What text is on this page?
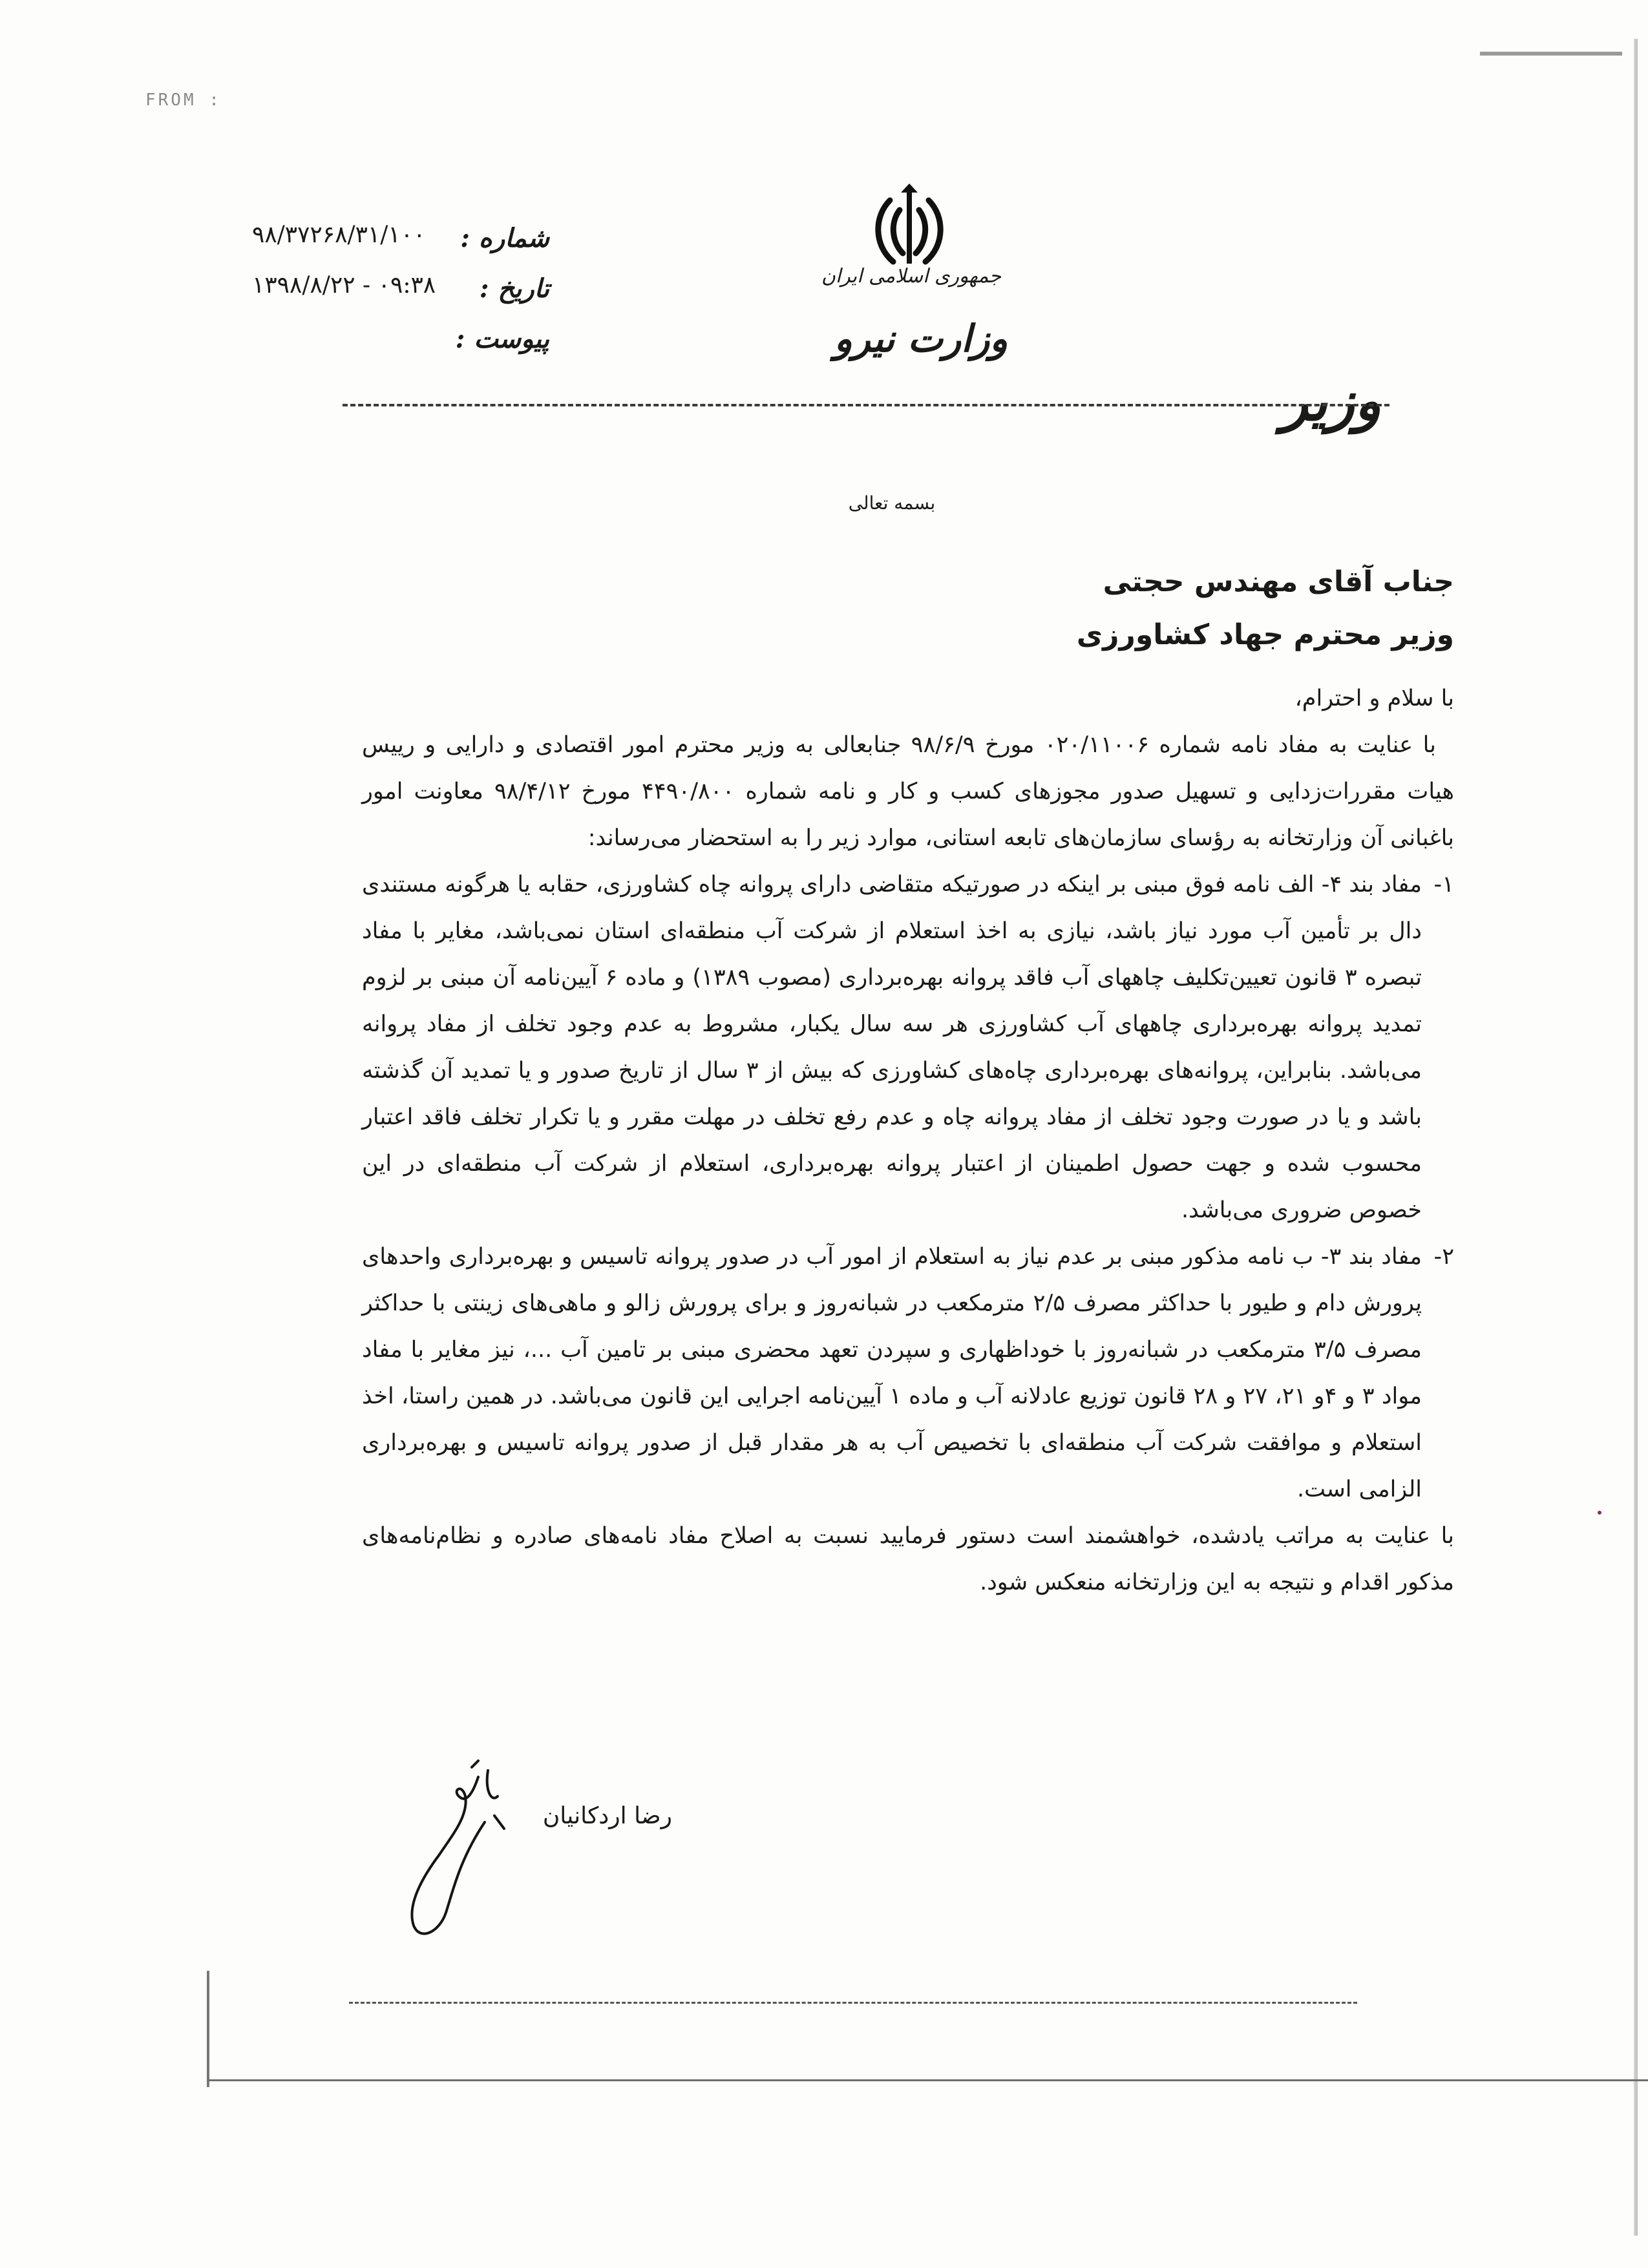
FROM :
شماره :
تاریخ :
پیوست :
۹۸/۳۷۲۶۸/۳۱/۱۰۰
۱۳۹۸/۸/۲۲ - ۰۹:۳۸	جمهوری اسلامی ایران
وزارت نیرو
وزیر
بسمه تعالی
جناب آقای مهندس حجتی
وزیر محترم جهاد کشاورزی

با سلام و احترام،

با عنایت به مفاد نامه شماره ۰۲۰/۱۱۰۰۶ مورخ ۹۸/۶/۹ جنابعالی به وزیر محترم امور اقتصادی و دارایی و رییس هیات مقررات‌زدایی و تسهیل صدور مجوزهای کسب و کار و نامه شماره ۴۴۹۰/۸۰۰ مورخ ۹۸/۴/۱۲ معاونت امور باغبانی آن وزارتخانه به رؤسای سازمان‌های تابعه استانی، موارد زیر را به استحضار می‌رساند:

۱-
مفاد بند ۴- الف نامه فوق مبنی بر اینکه در صورتیکه متقاضی دارای پروانه چاه کشاورزی، حقابه یا هرگونه مستندی دال بر تأمین آب مورد نیاز باشد، نیازی به اخذ استعلام از شرکت آب منطقه‌ای استان نمی‌باشد، مغایر با مفاد تبصره ۳ قانون تعیین‌تکلیف چاههای آب فاقد پروانه بهره‌برداری (مصوب ۱۳۸۹) و ماده ۶ آیین‌نامه آن مبنی بر لزوم تمدید پروانه بهره‌برداری چاههای آب کشاورزی هر سه سال یکبار، مشروط به عدم وجود تخلف از مفاد پروانه می‌باشد. بنابراین، پروانه‌های بهره‌برداری چاه‌های کشاورزی که بیش از ۳ سال از تاریخ صدور و یا تمدید آن گذشته باشد و یا در صورت وجود تخلف از مفاد پروانه چاه و عدم رفع تخلف در مهلت مقرر و یا تکرار تخلف فاقد اعتبار محسوب شده و جهت حصول اطمینان از اعتبار پروانه بهره‌برداری، استعلام از شرکت آب منطقه‌ای در این خصوص ضروری می‌باشد.
۲-
مفاد بند ۳- ب نامه مذکور مبنی بر عدم نیاز به استعلام از امور آب در صدور پروانه تاسیس و بهره‌برداری واحدهای پرورش دام و طیور با حداکثر مصرف ۲/۵ مترمکعب در شبانه‌روز و برای پرورش زالو و ماهی‌های زینتی با حداکثر مصرف ۳/۵ مترمکعب در شبانه‌روز با خوداظهاری و سپردن تعهد محضری مبنی بر تامین آب ...، نیز مغایر با مفاد مواد ۳ و ۴و ۲۱، ۲۷ و ۲۸ قانون توزیع عادلانه آب و ماده ۱ آیین‌نامه اجرایی این قانون می‌باشد. در همین راستا، اخذ استعلام و موافقت شرکت آب منطقه‌ای با تخصیص آب به هر مقدار قبل از صدور پروانه تاسیس و بهره‌برداری الزامی است.

با عنایت به مراتب یادشده، خواهشمند است دستور فرمایید نسبت به اصلاح مفاد نامه‌های صادره و نظام‌نامه‌های مذکور اقدام و نتیجه به این وزارتخانه منعکس شود.

رضا اردکانیان
